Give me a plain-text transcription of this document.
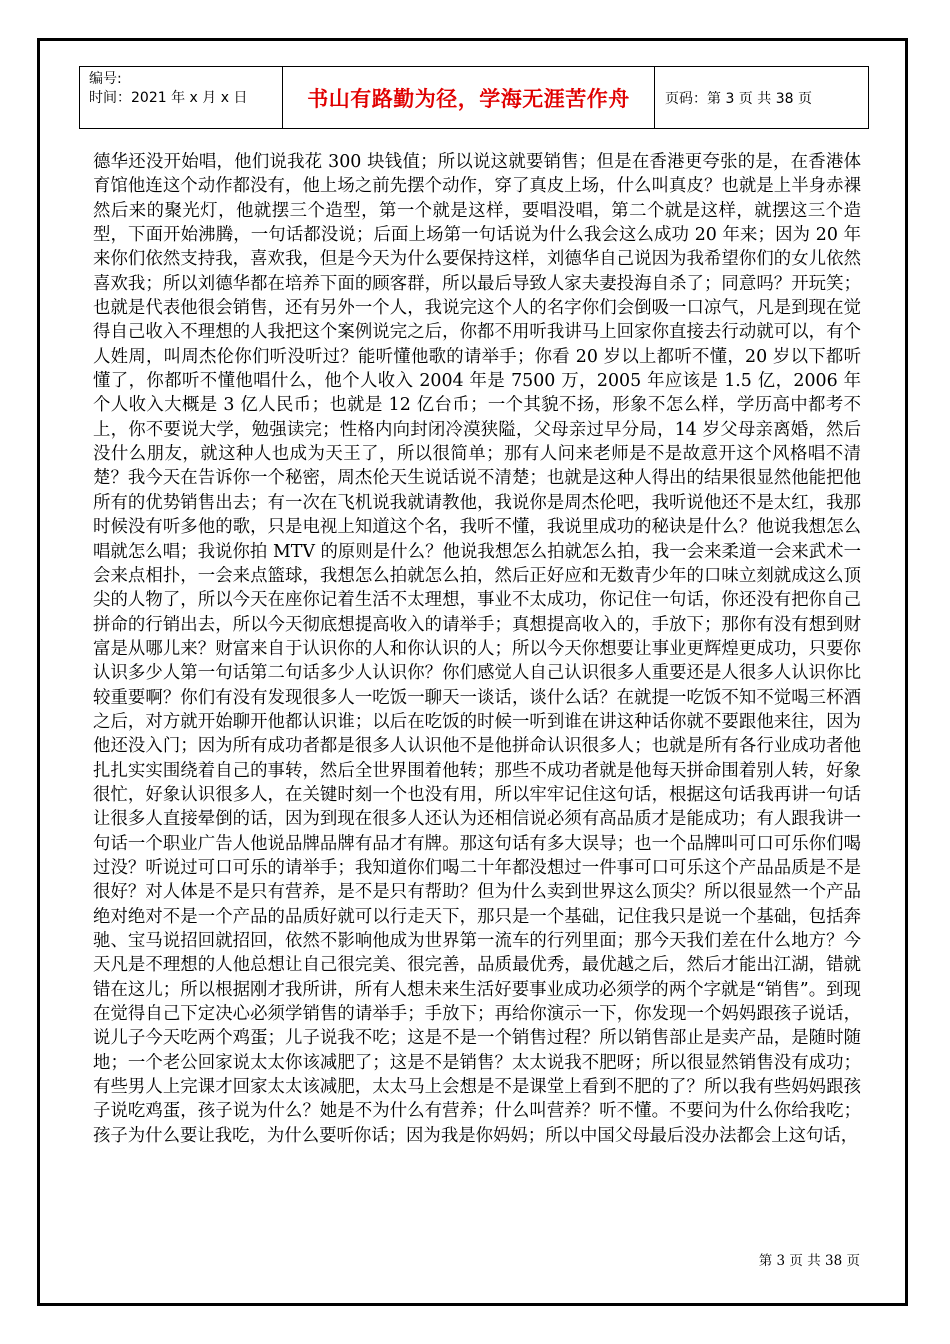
编号:
时间：2021 年 x 月 x 日	书山有路勤为径，学海无涯苦作舟	页码：第 3 页 共 38 页
德华还没开始唱，他们说我花 300 块钱值；所以说这就要销售；但是在香港更夸张的是，在香港体育馆他连这个动作都没有，他上场之前先摆个动作，穿了真皮上场，什么叫真皮？也就是上半身赤裸然后来的聚光灯，他就摆三个造型，第一个就是这样，要唱没唱，第二个就是这样，就摆这三个造型，下面开始沸腾，一句话都没说；后面上场第一句话说为什么我会这么成功 20 年来；因为 20 年来你们依然支持我，喜欢我，但是今天为什么要保持这样，刘德华自己说因为我希望你们的女儿依然喜欢我；所以刘德华都在培养下面的顾客群，所以最后导致人家夫妻投海自杀了；同意吗？开玩笑；也就是代表他很会销售，还有另外一个人，我说完这个人的名字你们会倒吸一口凉气，凡是到现在觉得自己收入不理想的人我把这个案例说完之后，你都不用听我讲马上回家你直接去行动就可以，有个人姓周，叫周杰伦你们听没听过？能听懂他歌的请举手；你看 20 岁以上都听不懂，20 岁以下都听懂了，你都听不懂他唱什么，他个人收入 2004 年是 7500 万，2005 年应该是 1.5 亿，2006 年个人收入大概是 3 亿人民币；也就是 12 亿台币；一个其貌不扬，形象不怎么样，学历高中都考不上，你不要说大学，勉强读完；性格内向封闭冷漠狭隘，父母亲过早分局，14 岁父母亲离婚，然后没什么朋友，就这种人也成为天王了，所以很简单；那有人问来老师是不是故意开这个风格唱不清楚？我今天在告诉你一个秘密，周杰伦天生说话说不清楚；也就是这种人得出的结果很显然他能把他所有的优势销售出去；有一次在飞机说我就请教他，我说你是周杰伦吧，我听说他还不是太红，我那时候没有听多他的歌，只是电视上知道这个名，我听不懂，我说里成功的秘诀是什么？他说我想怎么唱就怎么唱；我说你拍 MTV 的原则是什么？他说我想怎么拍就怎么拍，我一会来柔道一会来武术一会来点相扑，一会来点篮球，我想怎么拍就怎么拍，然后正好应和无数青少年的口味立刻就成这么顶尖的人物了，所以今天在座你记着生活不太理想，事业不太成功，你记住一句话，你还没有把你自己拼命的行销出去，所以今天彻底想提高收入的请举手；真想提高收入的，手放下；那你有没有想到财富是从哪儿来？财富来自于认识你的人和你认识的人；所以今天你想要让事业更辉煌更成功，只要你认识多少人第一句话第二句话多少人认识你？你们感觉人自己认识很多人重要还是人很多人认识你比较重要啊？你们有没有发现很多人一吃饭一聊天一谈话，谈什么话？在就提一吃饭不知不觉喝三杯酒之后，对方就开始聊开他都认识谁；以后在吃饭的时候一听到谁在讲这种话你就不要跟他来往，因为他还没入门；因为所有成功者都是很多人认识他不是他拼命认识很多人；也就是所有各行业成功者他扎扎实实围绕着自己的事转，然后全世界围着他转；那些不成功者就是他每天拼命围着别人转，好象很忙，好象认识很多人，在关键时刻一个也没有用，所以牢牢记住这句话，根据这句话我再讲一句话让很多人直接晕倒的话，因为到现在很多人还认为还相信说必须有高品质才是能成功；有人跟我讲一句话一个职业广告人他说品牌品牌有品才有牌。那这句话有多大误导；也一个品牌叫可口可乐你们喝过没？听说过可口可乐的请举手；我知道你们喝二十年都没想过一件事可口可乐这个产品品质是不是很好？对人体是不是只有营养，是不是只有帮助？但为什么卖到世界这么顶尖？所以很显然一个产品绝对绝对不是一个产品的品质好就可以行走天下，那只是一个基础，记住我只是说一个基础，包括奔驰、宝马说招回就招回，依然不影响他成为世界第一流车的行列里面；那今天我们差在什么地方？今天凡是不理想的人他总想让自己很完美、很完善，品质最优秀，最优越之后，然后才能出江湖，错就错在这儿；所以根据刚才我所讲，所有人想未来生活好要事业成功必须学的两个字就是“销售”。到现在觉得自己下定决心必须学销售的请举手；手放下；再给你演示一下，你发现一个妈妈跟孩子说话，说儿子今天吃两个鸡蛋；儿子说我不吃；这是不是一个销售过程？所以销售部止是卖产品，是随时随地；一个老公回家说太太你该减肥了；这是不是销售？太太说我不肥呀；所以很显然销售没有成功；有些男人上完课才回家太太该减肥，太太马上会想是不是课堂上看到不肥的了？所以我有些妈妈跟孩子说吃鸡蛋，孩子说为什么？她是不为什么有营养；什么叫营养？听不懂。不要问为什么你给我吃；孩子为什么要让我吃，为什么要听你话；因为我是你妈妈；所以中国父母最后没办法都会上这句话，
第 3 页 共 38 页
